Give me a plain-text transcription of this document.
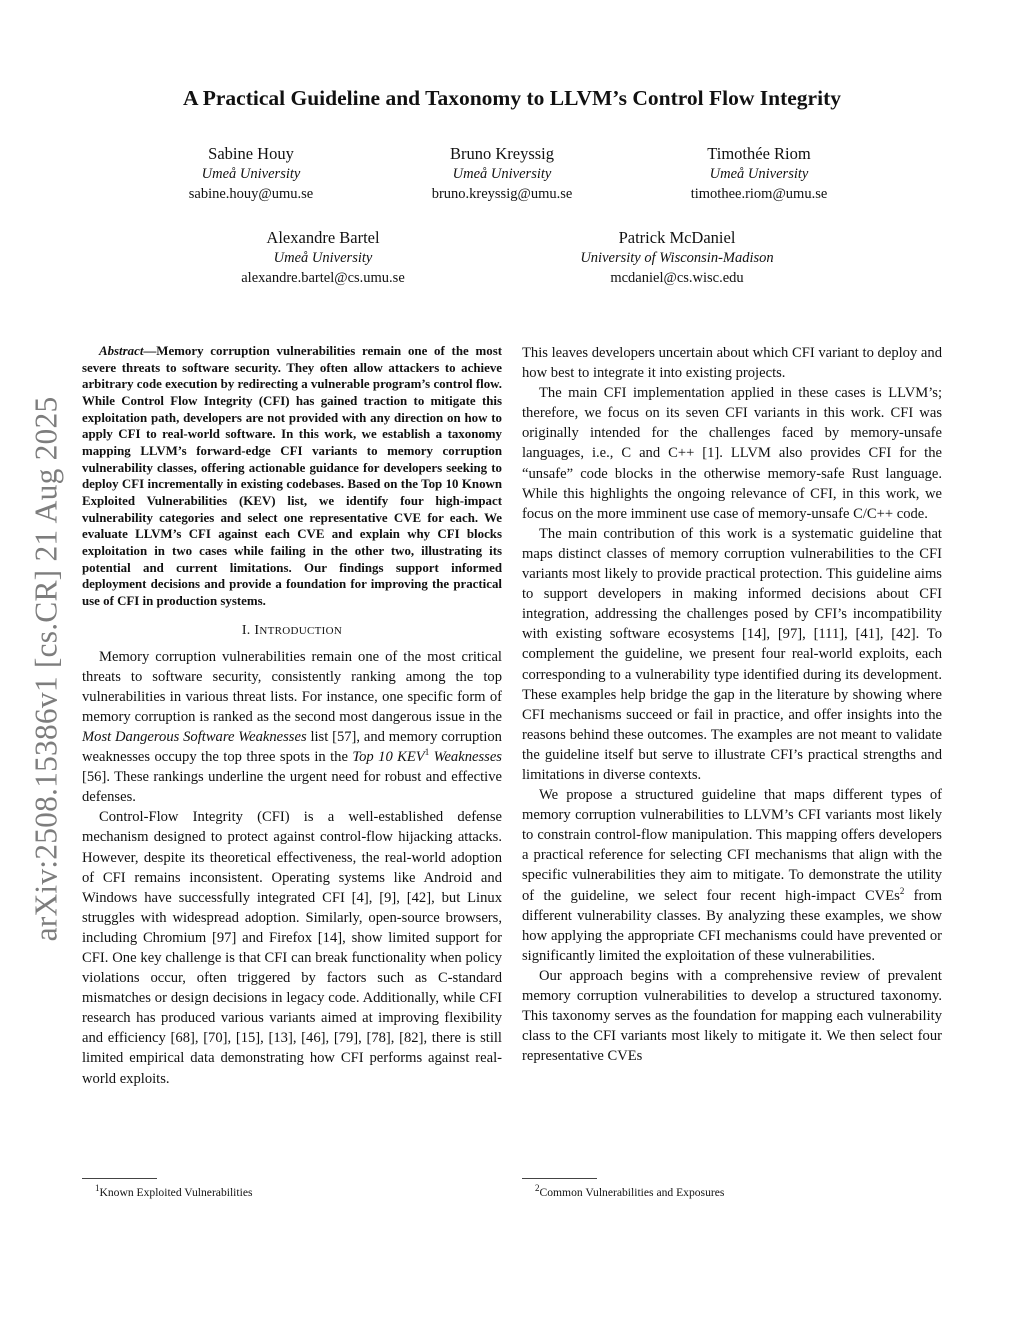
arXiv:2508.15386v1 [cs.CR] 21 Aug 2025
A Practical Guideline and Taxonomy to LLVM’s Control Flow Integrity
Sabine Houy
Umeå University
sabine.houy@umu.se
Bruno Kreyssig
Umeå University
bruno.kreyssig@umu.se
Timothée Riom
Umeå University
timothee.riom@umu.se
Alexandre Bartel
Umeå University
alexandre.bartel@cs.umu.se
Patrick McDaniel
University of Wisconsin-Madison
mcdaniel@cs.wisc.edu

Abstract—Memory corruption vulnerabilities remain one of the most severe threats to software security. They often allow attackers to achieve arbitrary code execution by redirecting a vulnerable program’s control flow. While Control Flow Integrity (CFI) has gained traction to mitigate this exploitation path, developers are not provided with any direction on how to apply CFI to real-world software. In this work, we establish a taxonomy mapping LLVM’s forward-edge CFI variants to memory corruption vulnerability classes, offering actionable guidance for developers seeking to deploy CFI incrementally in existing codebases. Based on the Top 10 Known Exploited Vulnerabilities (KEV) list, we identify four high-impact vulnerability categories and select one representative CVE for each. We evaluate LLVM’s CFI against each CVE and explain why CFI blocks exploitation in two cases while failing in the other two, illustrating its potential and current limitations. Our findings support informed deployment decisions and provide a foundation for improving the practical use of CFI in production systems.

I. INTRODUCTION

Memory corruption vulnerabilities remain one of the most critical threats to software security, consistently ranking among the top vulnerabilities in various threat lists. For instance, one specific form of memory corruption is ranked as the second most dangerous issue in the Most Dangerous Software Weaknesses list [57], and memory corruption weaknesses occupy the top three spots in the Top 10 KEV$^1$ Weaknesses [56]. These rankings underline the urgent need for robust and effective defenses.

Control-Flow Integrity (CFI) is a well-established defense mechanism designed to protect against control-flow hijacking attacks. However, despite its theoretical effectiveness, the real-world adoption of CFI remains inconsistent. Operating systems like Android and Windows have successfully integrated CFI [4], [9], [42], but Linux struggles with widespread adoption. Similarly, open-source browsers, including Chromium [97] and Firefox [14], show limited support for CFI. One key challenge is that CFI can break functionality when policy violations occur, often triggered by factors such as C-standard mismatches or design decisions in legacy code. Additionally, while CFI research has produced various variants aimed at improving flexibility and efficiency [68], [70], [15], [13], [46], [79], [78], [82], there is still limited empirical data demonstrating how CFI performs against real-world exploits.

This leaves developers uncertain about which CFI variant to deploy and how best to integrate it into existing projects.

The main CFI implementation applied in these cases is LLVM’s; therefore, we focus on its seven CFI variants in this work. CFI was originally intended for the challenges faced by memory-unsafe languages, i.e., C and C++ [1]. LLVM also provides CFI for the “unsafe” code blocks in the otherwise memory-safe Rust language. While this highlights the ongoing relevance of CFI, in this work, we focus on the more imminent use case of memory-unsafe C/C++ code.

The main contribution of this work is a systematic guideline that maps distinct classes of memory corruption vulnerabilities to the CFI variants most likely to provide practical protection. This guideline aims to support developers in making informed decisions about CFI integration, addressing the challenges posed by CFI’s incompatibility with existing software ecosystems [14], [97], [111], [41], [42]. To complement the guideline, we present four real-world exploits, each corresponding to a vulnerability type identified during its development. These examples help bridge the gap in the literature by showing where CFI mechanisms succeed or fail in practice, and offer insights into the reasons behind these outcomes. The examples are not meant to validate the guideline itself but serve to illustrate CFI’s practical strengths and limitations in diverse contexts.

We propose a structured guideline that maps different types of memory corruption vulnerabilities to LLVM’s CFI variants most likely to constrain control-flow manipulation. This mapping offers developers a practical reference for selecting CFI mechanisms that align with the specific vulnerabilities they aim to mitigate. To demonstrate the utility of the guideline, we select four recent high-impact CVEs$^2$ from different vulnerability classes. By analyzing these examples, we show how applying the appropriate CFI mechanisms could have prevented or significantly limited the exploitation of these vulnerabilities.

Our approach begins with a comprehensive review of prevalent memory corruption vulnerabilities to develop a structured taxonomy. This taxonomy serves as the foundation for mapping each vulnerability class to the CFI variants most likely to mitigate it. We then select four representative CVEs

$^1$Known Exploited Vulnerabilities	$^2$Common Vulnerabilities and Exposures
